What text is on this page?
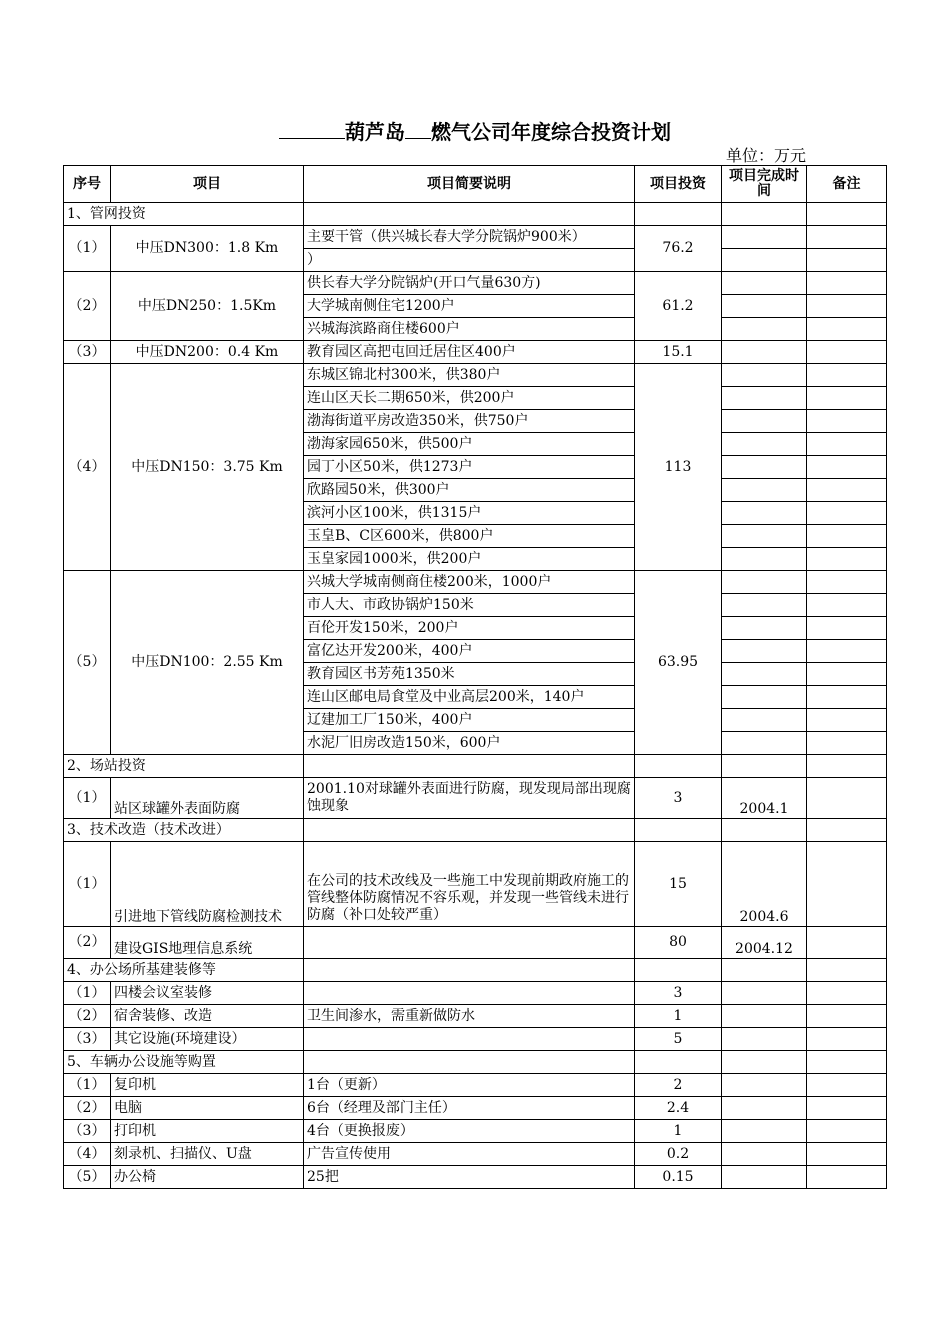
葫芦岛 燃气公司年度综合投资计划
单位：万元
序号	项目	项目简要说明	项目投资	项目完成时间	备注
1、管网投资					
（1）	中压DN300：1.8 Km	主要干管（供兴城长春大学分院锅炉900米）	76.2		
		）			
（2）	中压DN250：1.5Km	供长春大学分院锅炉(开口气量630方)	61.2		
		大学城南侧住宅1200户			
		兴城海滨路商住楼600户			
（3）	中压DN200：0.4 Km	教育园区高把屯回迁居住区400户	15.1		
（4）	中压DN150：3.75 Km	东城区锦北村300米，供380户	113		
		连山区天长二期650米，供200户			
		渤海街道平房改造350米，供750户			
		渤海家园650米，供500户			
		园丁小区50米，供1273户			
		欣路园50米，供300户			
		滨河小区100米，供1315户			
		玉皇B、C区600米，供800户			
		玉皇家园1000米，供200户			
（5）	中压DN100：2.55 Km	兴城大学城南侧商住楼200米，1000户	63.95		
		市人大、市政协锅炉150米			
		百伦开发150米，200户			
		富亿达开发200米，400户			
		教育园区书芳苑1350米			
		连山区邮电局食堂及中业高层200米，140户			
		辽建加工厂150米，400户			
		水泥厂旧房改造150米，600户			
2、场站投资					
（1）	站区球罐外表面防腐	2001.10对球罐外表面进行防腐，现发现局部出现腐蚀现象	3	2004.1	
3、技术改造（技术改进）					
（1）	引进地下管线防腐检测技术	在公司的技术改线及一些施工中发现前期政府施工的管线整体防腐情况不容乐观，并发现一些管线未进行防腐（补口处较严重）	15	2004.6	
（2）	建设GIS地理信息系统		80	2004.12	
4、办公场所基建装修等					
（1）	四楼会议室装修		3		
（2）	宿舍装修、改造	卫生间渗水，需重新做防水	1		
（3）	其它设施(环境建设）		5		
5、车辆办公设施等购置					
（1）	复印机	1台（更新）	2		
（2）	电脑	6台（经理及部门主任）	2.4		
（3）	打印机	4台（更换报废）	1		
（4）	刻录机、扫描仪、U盘	广告宣传使用	0.2		
（5）	办公椅	25把	0.15		
